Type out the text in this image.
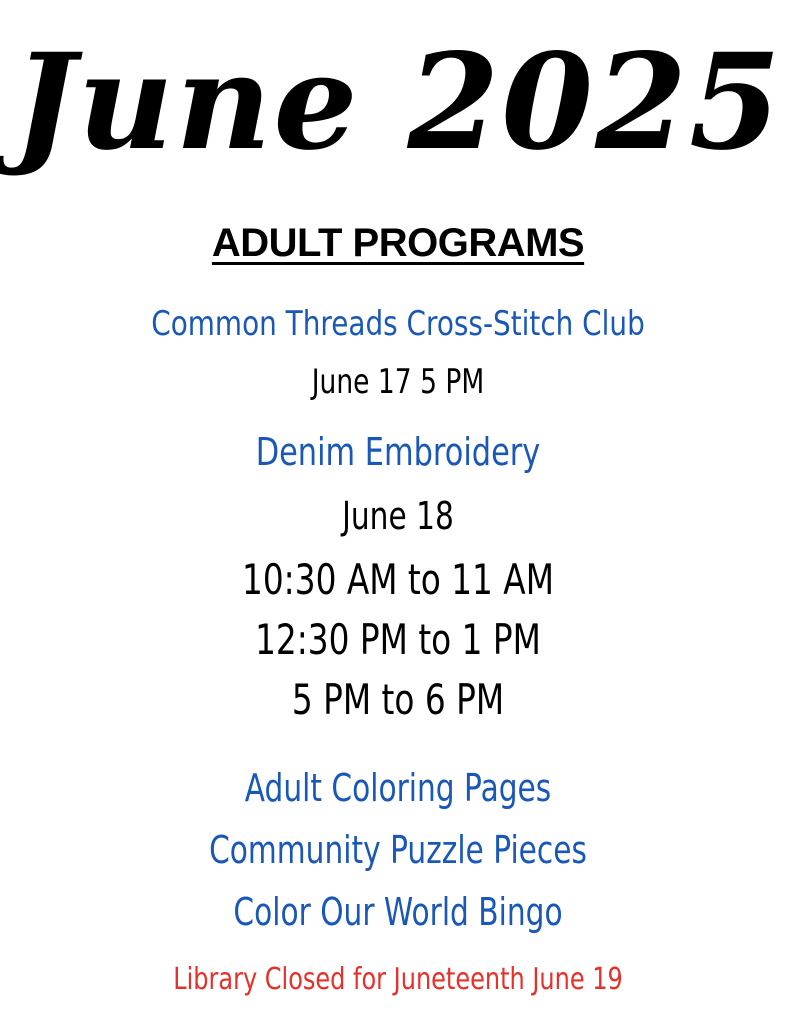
June 2025
ADULT PROGRAMS
Common Threads Cross-Stitch Club
June 17 5 PM
Denim Embroidery
June 18
10:30 AM to 11 AM
12:30 PM to 1 PM
5 PM to 6 PM
Adult Coloring Pages
Community Puzzle Pieces
Color Our World Bingo
Library Closed for Juneteenth June 19
